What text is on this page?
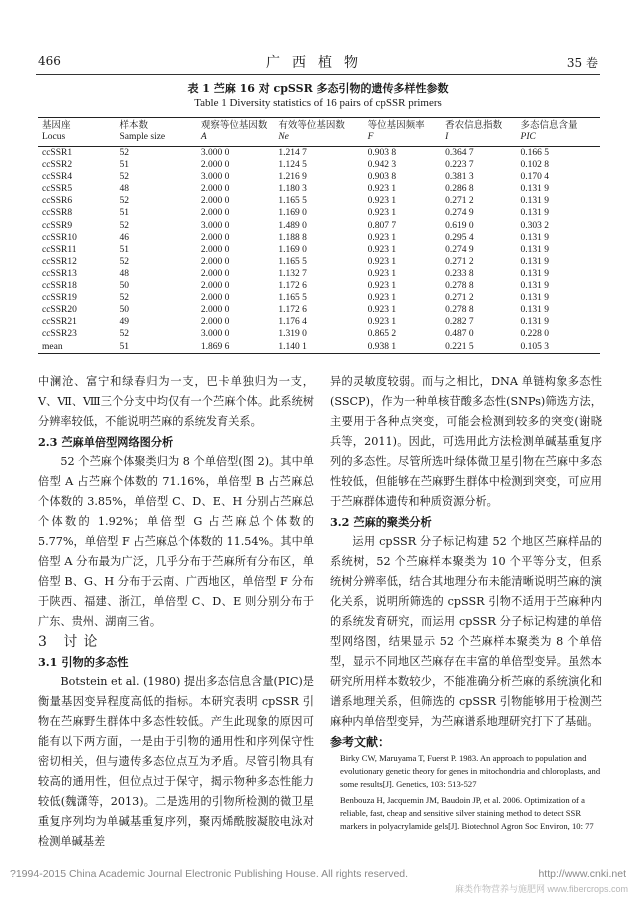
466	广西植物	35 卷
表 1 苎麻 16 对 cpSSR 多态引物的遗传多样性参数
Table 1 Diversity statistics of 16 pairs of cpSSR primers
基因座	样本数	观察等位基因数	有效等位基因数	等位基因频率	香农信息指数	多态信息含量
Locus	Sample size	A	Ne	F	I	PIC
ccSSR1	52	3.000 0	1.214 7	0.903 8	0.364 7	0.166 5
ccSSR2	51	2.000 0	1.124 5	0.942 3	0.223 7	0.102 8
ccSSR4	52	3.000 0	1.216 9	0.903 8	0.381 3	0.170 4
ccSSR5	48	2.000 0	1.180 3	0.923 1	0.286 8	0.131 9
ccSSR6	52	2.000 0	1.165 5	0.923 1	0.271 2	0.131 9
ccSSR8	51	2.000 0	1.169 0	0.923 1	0.274 9	0.131 9
ccSSR9	52	3.000 0	1.489 0	0.807 7	0.619 0	0.303 2
ccSSR10	46	2.000 0	1.188 8	0.923 1	0.295 4	0.131 9
ccSSR11	51	2.000 0	1.169 0	0.923 1	0.274 9	0.131 9
ccSSR12	52	2.000 0	1.165 5	0.923 1	0.271 2	0.131 9
ccSSR13	48	2.000 0	1.132 7	0.923 1	0.233 8	0.131 9
ccSSR18	50	2.000 0	1.172 6	0.923 1	0.278 8	0.131 9
ccSSR19	52	2.000 0	1.165 5	0.923 1	0.271 2	0.131 9
ccSSR20	50	2.000 0	1.172 6	0.923 1	0.278 8	0.131 9
ccSSR21	49	2.000 0	1.176 4	0.923 1	0.282 7	0.131 9
ccSSR23	52	3.000 0	1.319 0	0.865 2	0.487 0	0.228 0
mean	51	1.869 6	1.140 1	0.938 1	0.221 5	0.105 3

中澜沧、富宁和绿春归为一支，巴卡单独归为一支，Ⅴ、Ⅶ、Ⅷ三个分支中均仅有一个苎麻个体。此系统树分辨率较低，不能说明苎麻的系统发育关系。

2.3 苎麻单倍型网络图分析

52 个苎麻个体聚类归为 8 个单倍型(图 2)。其中单倍型 A 占苎麻个体数的 71.16%，单倍型 B 占苎麻总个体数的 3.85%，单倍型 C、D、E、H 分别占苎麻总个体数的 1.92%；单倍型 G 占苎麻总个体数的 5.77%，单倍型 F 占苎麻总个体数的 11.54%。其中单倍型 A 分布最为广泛，几乎分布于苎麻所有分布区，单倍型 B、G、H 分布于云南、广西地区，单倍型 F 分布于陕西、福建、浙江，单倍型 C、D、E 则分别分布于广东、贵州、湖南三省。

3 讨论

3.1 引物的多态性

Botstein et al. (1980) 提出多态信息含量(PIC)是衡量基因变异程度高低的指标。本研究表明 cpSSR 引物在苎麻野生群体中多态性较低。产生此现象的原因可能有以下两方面，一是由于引物的通用性和序列保守性密切相关，但与遗传多态位点互为矛盾。尽管引物具有较高的通用性，但位点过于保守，揭示物种多态性能力较低(魏潇等，2013)。二是选用的引物所检测的微卫星重复序列均为单碱基重复序列，聚丙烯酰胺凝胶电泳对检测单碱基差

异的灵敏度较弱。而与之相比，DNA 单链构象多态性(SSCP)，作为一种单核苷酸多态性(SNPs)筛选方法，主要用于各种点突变，可能会检测到较多的突变(谢晓兵等，2011)。因此，可选用此方法检测单碱基重复序列的多态性。尽管所选叶绿体微卫星引物在苎麻中多态性较低，但能够在苎麻野生群体中检测到突变，可应用于苎麻群体遗传和种质资源分析。

3.2 苎麻的聚类分析

运用 cpSSR 分子标记构建 52 个地区苎麻样品的系统树，52 个苎麻样本聚类为 10 个平等分支，但系统树分辨率低，结合其地理分布未能清晰说明苎麻的演化关系，说明所筛选的 cpSSR 引物不适用于苎麻种内的系统发育研究，而运用 cpSSR 分子标记构建的单倍型网络图，结果显示 52 个苎麻样本聚类为 8 个单倍型，显示不同地区苎麻存在丰富的单倍型变异。虽然本研究所用样本数较少，不能准确分析苎麻的系统演化和谱系地理关系，但筛选的 cpSSR 引物能够用于检测苎麻种内单倍型变异，为苎麻谱系地理研究打下了基础。

参考文献：

Birky CW, Maruyama T, Fuerst P. 1983. An approach to population and evolutionary genetic theory for genes in mitochondria and chloroplasts, and some results[J]. Genetics, 103: 513-527

Benbouza H, Jacquemin JM, Baudoin JP, et al. 2006. Optimization of a reliable, fast, cheap and sensitive silver staining method to detect SSR markers in polyacrylamide gels[J]. Biotechnol Agron Soc Environ, 10: 77

?1994-2015 China Academic Journal Electronic Publishing House. All rights reserved.	http://www.cnki.net
麻类作物营养与施肥网 www.fibercrops.com
